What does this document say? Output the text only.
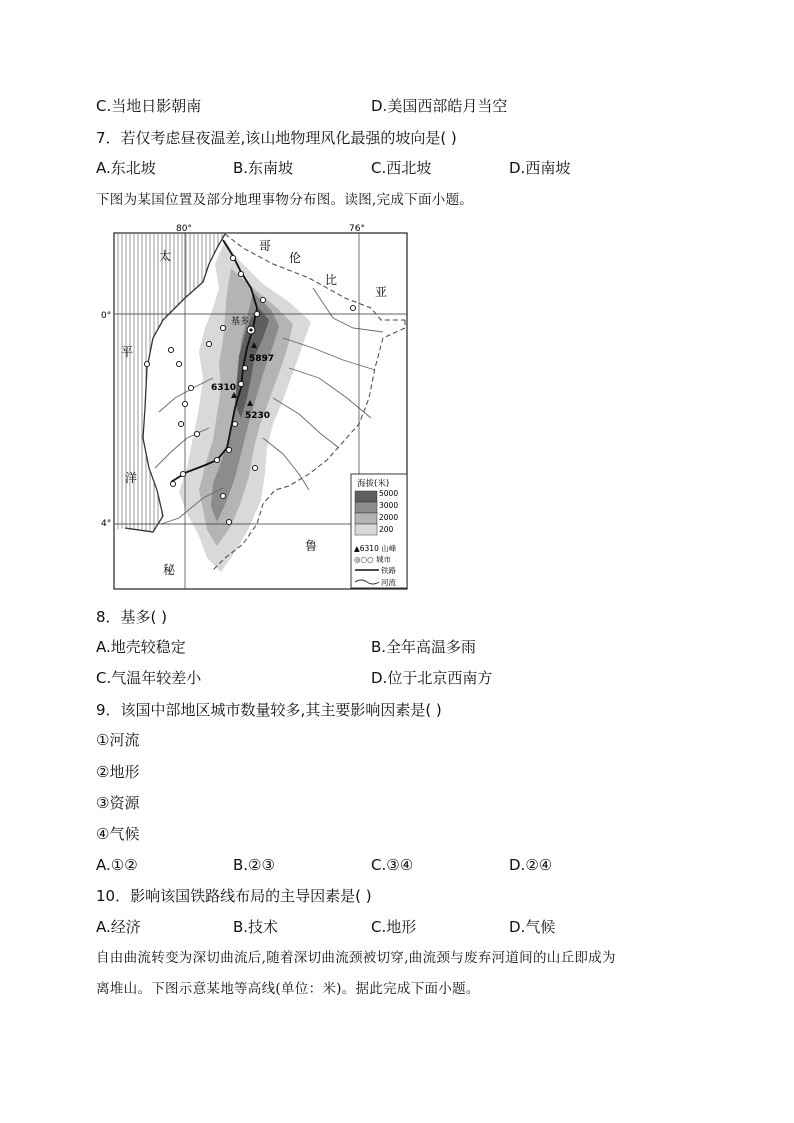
C.当地日影朝南	D.美国西部皓月当空
7．若仅考虑昼夜温差,该山地物理风化最强的坡向是( )
A.东北坡	B.东南坡	C.西北坡	D.西南坡
下图为某国位置及部分地理事物分布图。读图,完成下面小题。
80°	76°
0°
4°
太
平
洋
哥
伦
比
亚
秘
鲁
基多
5897
6310
5230
海拔(米)
5000
3000
2000
200
▲6310 山峰
◎○○ 城市
铁路
河流
8．基多( )
A.地壳较稳定	B.全年高温多雨
C.气温年较差小	D.位于北京西南方
9．该国中部地区城市数量较多,其主要影响因素是( )
①河流
②地形
③资源
④气候
A.①②	B.②③	C.③④	D.②④
10．影响该国铁路线布局的主导因素是( )
A.经济	B.技术	C.地形	D.气候
自由曲流转变为深切曲流后,随着深切曲流颈被切穿,曲流颈与废弃河道间的山丘即成为
离堆山。下图示意某地等高线(单位：米)。据此完成下面小题。
